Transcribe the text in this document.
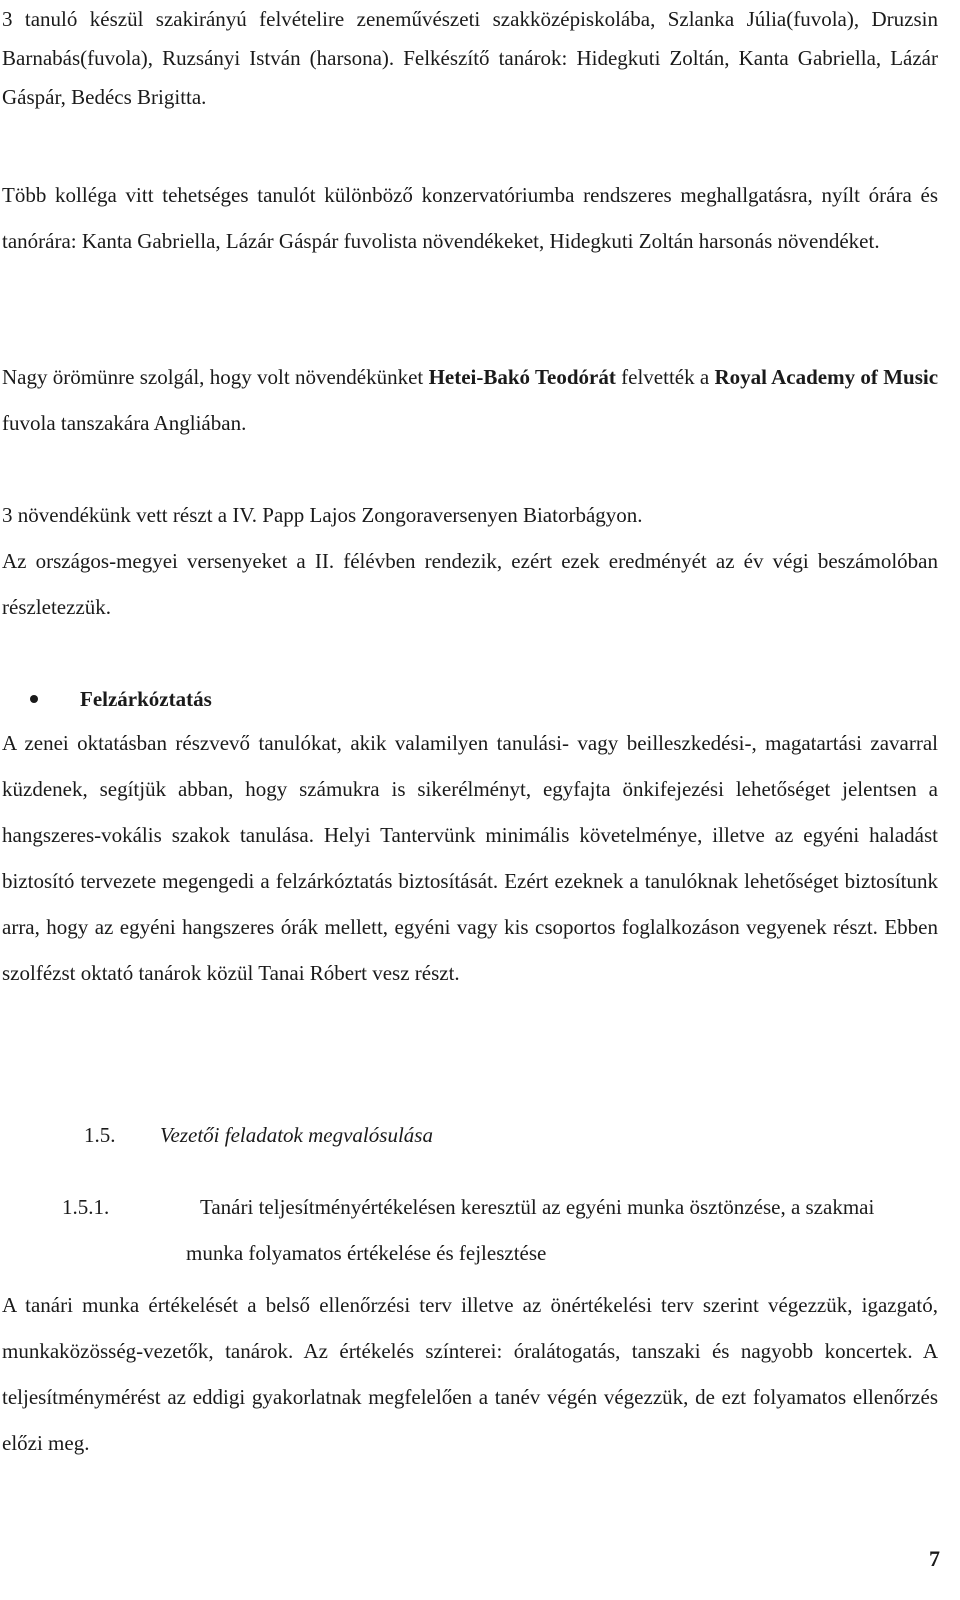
3 tanuló készül szakirányú felvételire zeneművészeti szakközépiskolába, Szlanka Júlia(fuvola), Druzsin Barnabás(fuvola), Ruzsányi István (harsona). Felkészítő tanárok: Hidegkuti Zoltán, Kanta Gabriella, Lázár Gáspár, Bedécs Brigitta.

Több kolléga vitt tehetséges tanulót különböző konzervatóriumba rendszeres meghallgatásra, nyílt órára és tanórára: Kanta Gabriella, Lázár Gáspár fuvolista növendékeket, Hidegkuti Zoltán harsonás növendéket.

Nagy örömünre szolgál, hogy volt növendékünket Hetei-Bakó Teodórát felvették a Royal Academy of Music fuvola tanszakára Angliában.

3 növendékünk vett részt a IV. Papp Lajos Zongoraversenyen Biatorbágyon.

Az országos-megyei versenyeket a II. félévben rendezik, ezért ezek eredményét az év végi beszámolóban részletezzük.

Felzárkóztatás

A zenei oktatásban részvevő tanulókat, akik valamilyen tanulási- vagy beilleszkedési-, magatartási zavarral küzdenek, segítjük abban, hogy számukra is sikerélményt, egyfajta önkifejezési lehetőséget jelentsen a hangszeres-vokális szakok tanulása. Helyi Tantervünk minimális követelménye, illetve az egyéni haladást biztosító tervezete megengedi a felzárkóztatás biztosítását. Ezért ezeknek a tanulóknak lehetőséget biztosítunk arra, hogy az egyéni hangszeres órák mellett, egyéni vagy kis csoportos foglalkozáson vegyenek részt. Ebben szolfézst oktató tanárok közül Tanai Róbert vesz részt.

1.5. Vezetői feladatok megvalósulása
1.5.1.	Tanári teljesítményértékelésen keresztül az egyéni munka ösztönzése, a szakmai munka folyamatos értékelése és fejlesztése

A tanári munka értékelését a belső ellenőrzési terv illetve az önértékelési terv szerint végezzük, igazgató, munkaközösség-vezetők, tanárok. Az értékelés színterei: óralátogatás, tanszaki és nagyobb koncertek. A teljesítménymérést az eddigi gyakorlatnak megfelelően a tanév végén végezzük, de ezt folyamatos ellenőrzés előzi meg.

7
